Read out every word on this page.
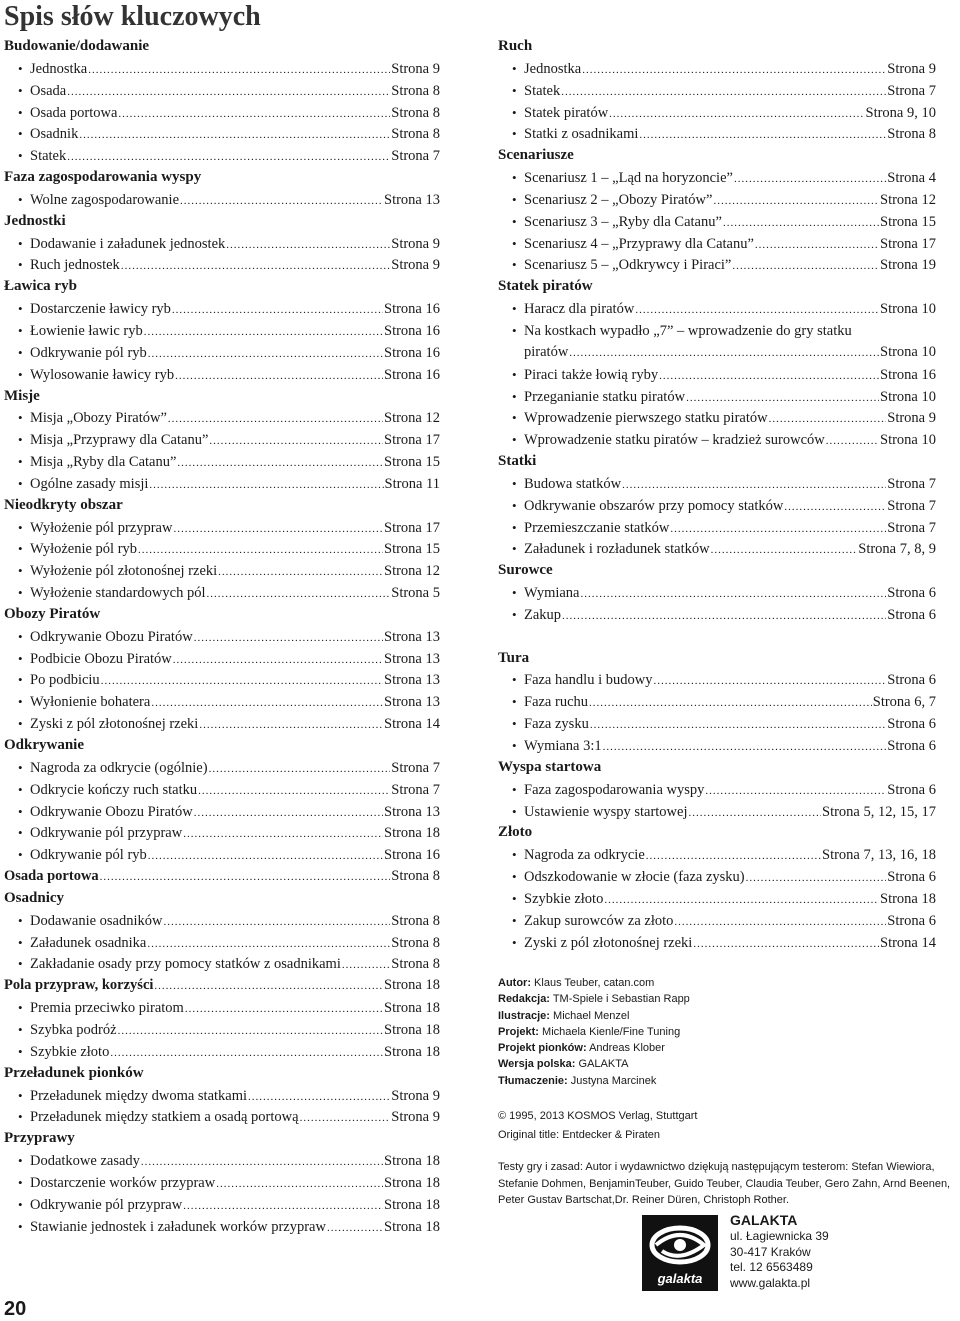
Spis słów kluczowych
Budowanie/dodawanie
• Jednostka .....	Strona 9
• Osada .....	Strona 8
• Osada portowa .....	Strona 8
• Osadnik .....	Strona 8
• Statek .....	Strona 7
Faza zagospodarowania wyspy
• Wolne zagospodarowanie .....	Strona 13
Jednostki
• Dodawanie i załadunek jednostek .....	Strona 9
• Ruch jednostek .....	Strona 9
Ławica ryb
• Dostarczenie ławicy ryb .....	Strona 16
• Łowienie ławic ryb .....	Strona 16
• Odkrywanie pól ryb .....	Strona 16
• Wylosowanie ławicy ryb .....	Strona 16
Misje
• Misja „Obozy Piratów” .....	Strona 12
• Misja „Przyprawy dla Catanu” .....	Strona 17
• Misja „Ryby dla Catanu” .....	Strona 15
• Ogólne zasady misji .....	Strona 11
Nieodkryty obszar
• Wyłożenie pól przypraw .....	Strona 17
• Wyłożenie pól ryb .....	Strona 15
• Wyłożenie pól złotonośnej rzeki .....	Strona 12
• Wyłożenie standardowych pól .....	Strona 5
Obozy Piratów
• Odkrywanie Obozu Piratów .....	Strona 13
• Podbicie Obozu Piratów .....	Strona 13
• Po podbiciu .....	Strona 13
• Wyłonienie bohatera .....	Strona 13
• Zyski z pól złotonośnej rzeki .....	Strona 14
Odkrywanie
• Nagroda za odkrycie (ogólnie) .....	Strona 7
• Odkrycie kończy ruch statku .....	Strona 7
• Odkrywanie Obozu Piratów .....	Strona 13
• Odkrywanie pól przypraw .....	Strona 18
• Odkrywanie pól ryb .....	Strona 16
Osada portowa .....	Strona 8
Osadnicy
• Dodawanie osadników .....	Strona 8
• Załadunek osadnika .....	Strona 8
• Zakładanie osady przy pomocy statków z osadnikami .....	Strona 8
Pola przypraw, korzyści .....	Strona 18
• Premia przeciwko piratom .....	Strona 18
• Szybka podróż .....	Strona 18
• Szybkie złoto .....	Strona 18
Przeładunek pionków
• Przeładunek między dwoma statkami .....	Strona 9
• Przeładunek między statkiem a osadą portową .....	Strona 9
Przyprawy
• Dodatkowe zasady .....	Strona 18
• Dostarczenie worków przypraw .....	Strona 18
• Odkrywanie pól przypraw .....	Strona 18
• Stawianie jednostek i załadunek worków przypraw .....	Strona 18
Ruch
• Jednostka .....	Strona 9
• Statek .....	Strona 7
• Statek piratów .....	Strona 9, 10
• Statki z osadnikami .....	Strona 8
Scenariusze
• Scenariusz 1 – „Ląd na horyzoncie” .....	Strona 4
• Scenariusz 2 – „Obozy Piratów” .....	Strona 12
• Scenariusz 3 – „Ryby dla Catanu” .....	Strona 15
• Scenariusz 4 – „Przyprawy dla Catanu” .....	Strona 17
• Scenariusz 5 – „Odkrywcy i Piraci” .....	Strona 19
Statek piratów
• Haracz dla piratów .....	Strona 10
• Na kostkach wypadło „7” – wprowadzenie do gry statku
piratów .....	Strona 10
• Piraci także łowią ryby .....	Strona 16
• Przeganianie statku piratów .....	Strona 10
• Wprowadzenie pierwszego statku piratów .....	Strona 9
• Wprowadzenie statku piratów – kradzież surowców .....	Strona 10
Statki
• Budowa statków .....	Strona 7
• Odkrywanie obszarów przy pomocy statków .....	Strona 7
• Przemieszczanie statków .....	Strona 7
• Załadunek i rozładunek statków .....	Strona 7, 8, 9
Surowce
• Wymiana .....	Strona 6
• Zakup .....	Strona 6
Tura
• Faza handlu i budowy .....	Strona 6
• Faza ruchu .....	Strona 6, 7
• Faza zysku .....	Strona 6
• Wymiana 3:1 .....	Strona 6
Wyspa startowa
• Faza zagospodarowania wyspy .....	Strona 6
• Ustawienie wyspy startowej .....	Strona 5, 12, 15, 17
Złoto
• Nagroda za odkrycie .....	Strona 7, 13, 16, 18
• Odszkodowanie w złocie (faza zysku) .....	Strona 6
• Szybkie złoto .....	Strona 18
• Zakup surowców za złoto .....	Strona 6
• Zyski z pól złotonośnej rzeki .....	Strona 14
Autor: Klaus Teuber, catan.com
Redakcja: TM-Spiele i Sebastian Rapp
Ilustracje: Michael Menzel
Projekt: Michaela Kienle/Fine Tuning
Projekt pionków: Andreas Klober
Wersja polska: GALAKTA
Tłumaczenie: Justyna Marcinek
© 1995, 2013 KOSMOS Verlag, Stuttgart
Original title: Entdecker & Piraten
Testy gry i zasad: Autor i wydawnictwo dziękują następującym testerom: Stefan Wiewiora, Stefanie Dohmen, BenjaminTeuber, Guido Teuber, Claudia Teuber, Gero Zahn, Arnd Beenen, Peter Gustav Bartschat,Dr. Reiner Düren, Christoph Rother.
galakta
GALAKTA
ul. Łagiewnicka 39
30-417 Kraków
tel. 12 6563489
www.galakta.pl
20
